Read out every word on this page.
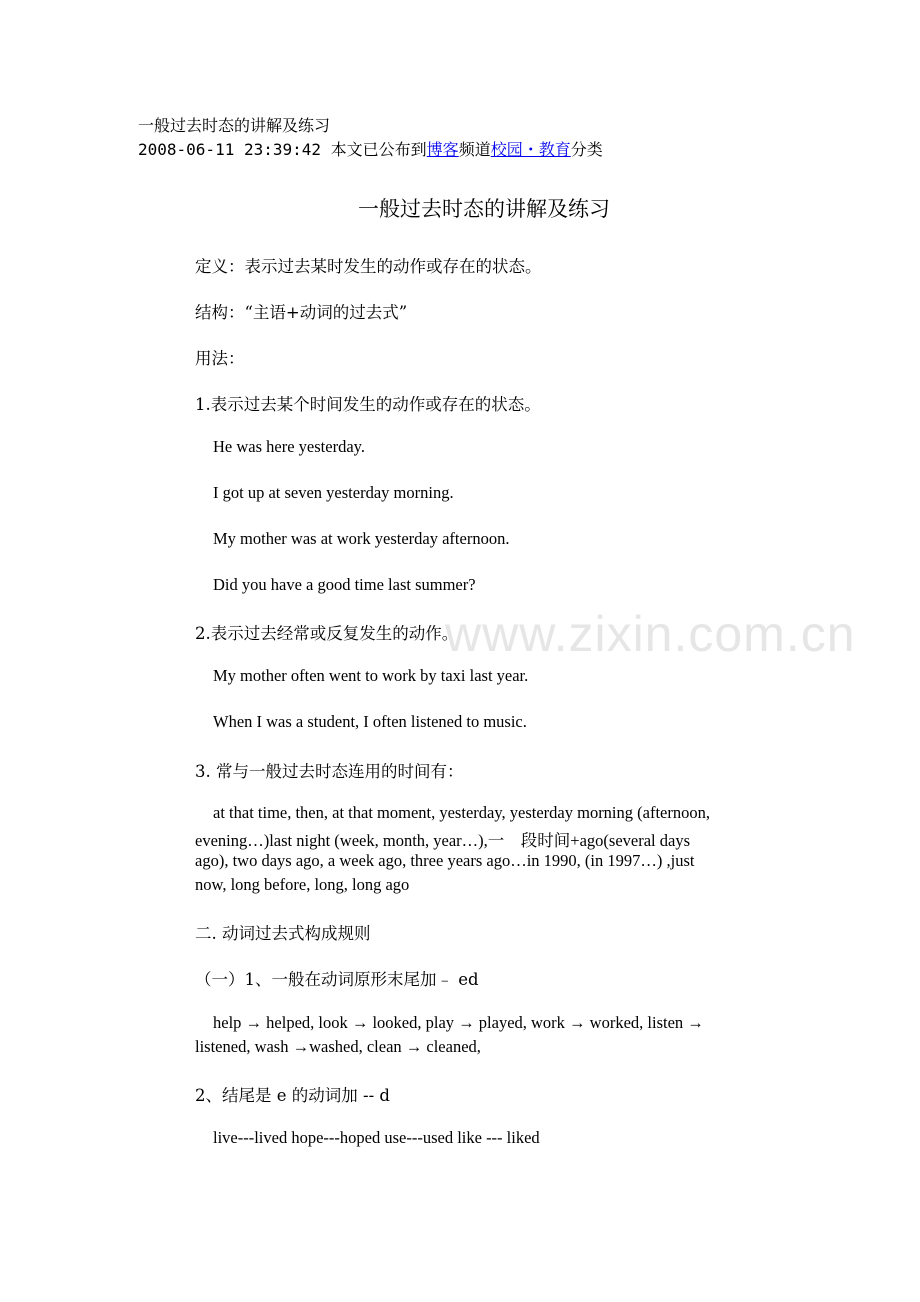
一般过去时态的讲解及练习
2008-06-11 23:39:42 本文已公布到博客频道校园・教育分类
一般过去时态的讲解及练习
定义：表示过去某时发生的动作或存在的状态。
结构：“主语+动词的过去式”
用法：
1.表示过去某个时间发生的动作或存在的状态。
He was here yesterday.
I got up at seven yesterday morning.
My mother was at work yesterday afternoon.
Did you have a good time last summer?
2.表示过去经常或反复发生的动作。
My mother often went to work by taxi last year.
When I was a student, I often listened to music.
3. 常与一般过去时态连用的时间有：
at that time, then, at that moment, yesterday, yesterday morning (afternoon,
evening…)last night (week, month, year…),一　段时间+ago(several days
ago), two days ago, a week ago, three years ago…in 1990, (in 1997…) ,just
now, long before, long, long ago
二. 动词过去式构成规则
（一）1、一般在动词原形末尾加﹣ ed
help → helped, look → looked, play → played, work → worked, listen →
listened, wash →washed, clean → cleaned,
2、结尾是 e 的动词加 -- d
live---lived hope---hoped use---used like --- liked
www.zixin.com.cn
